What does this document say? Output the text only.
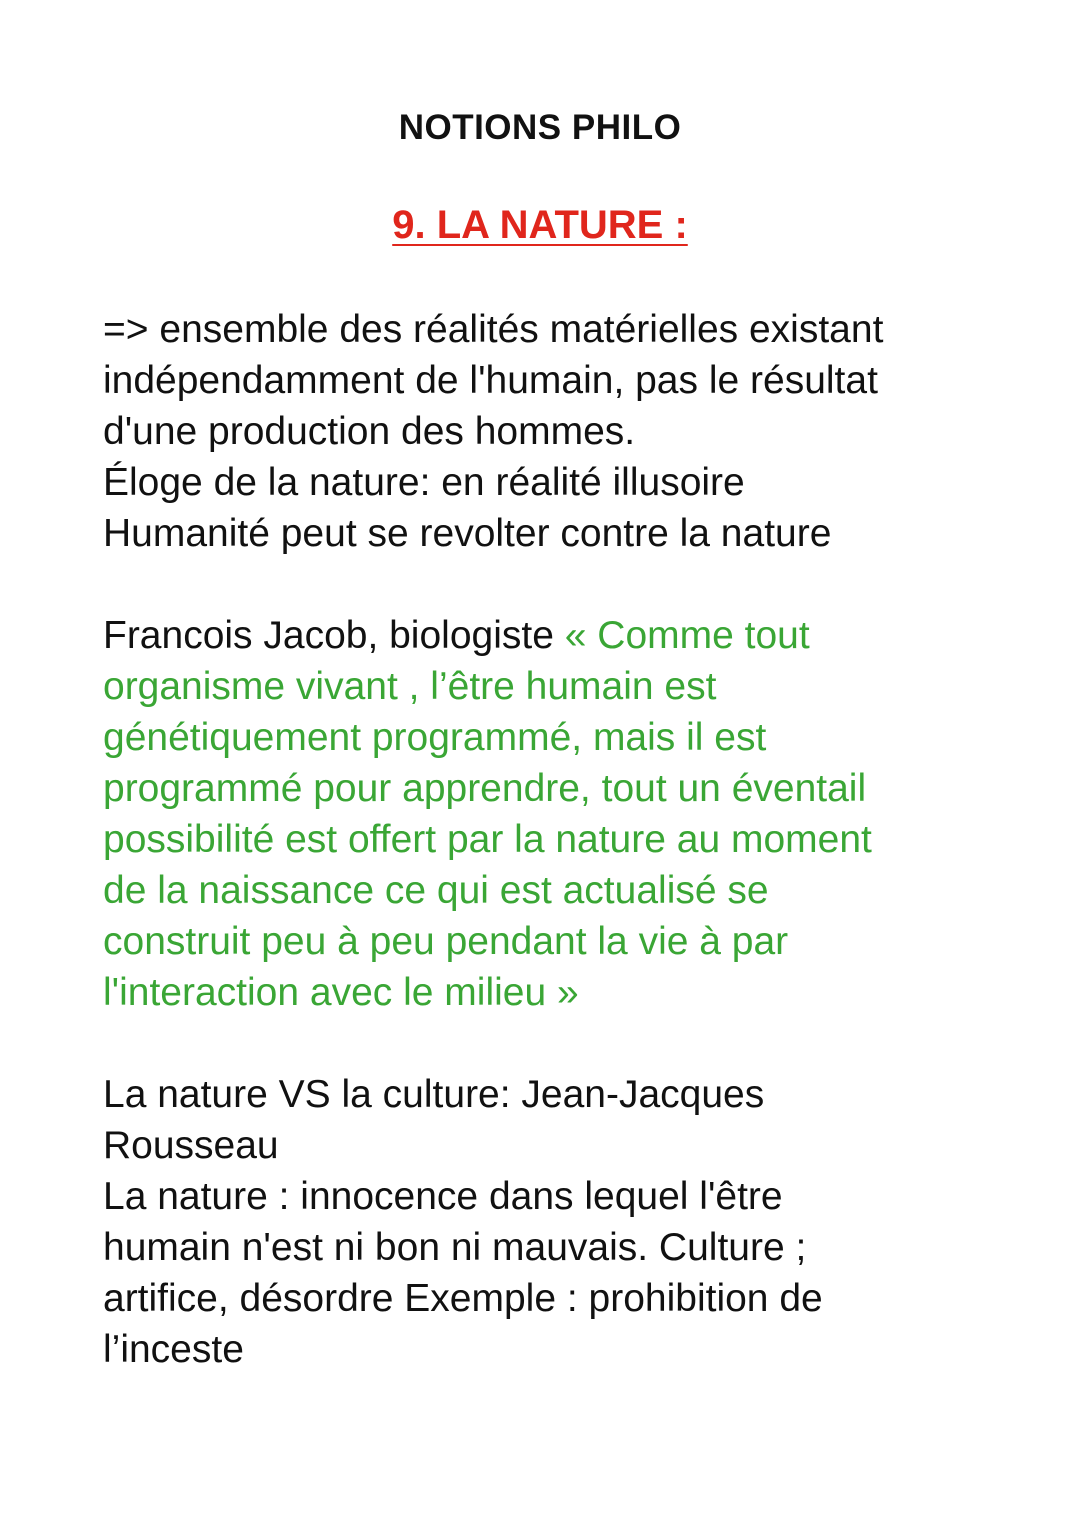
NOTIONS PHILO
9. LA NATURE :

=> ensemble des réalités matérielles existant

indépendamment de l'humain, pas le résultat

d'une production des hommes.

Éloge de la nature: en réalité illusoire

Humanité peut se revolter contre la nature

Francois Jacob, biologiste « Comme tout

organisme vivant , l’être humain est

génétiquement programmé, mais il est

programmé pour apprendre, tout un éventail

possibilité est offert par la nature au moment

de la naissance ce qui est actualisé se

construit peu à peu pendant la vie à par

l'interaction avec le milieu »

La nature VS la culture: Jean-Jacques

Rousseau

La nature : innocence dans lequel l'être

humain n'est ni bon ni mauvais. Culture ;

artifice, désordre Exemple : prohibition de

l’inceste
